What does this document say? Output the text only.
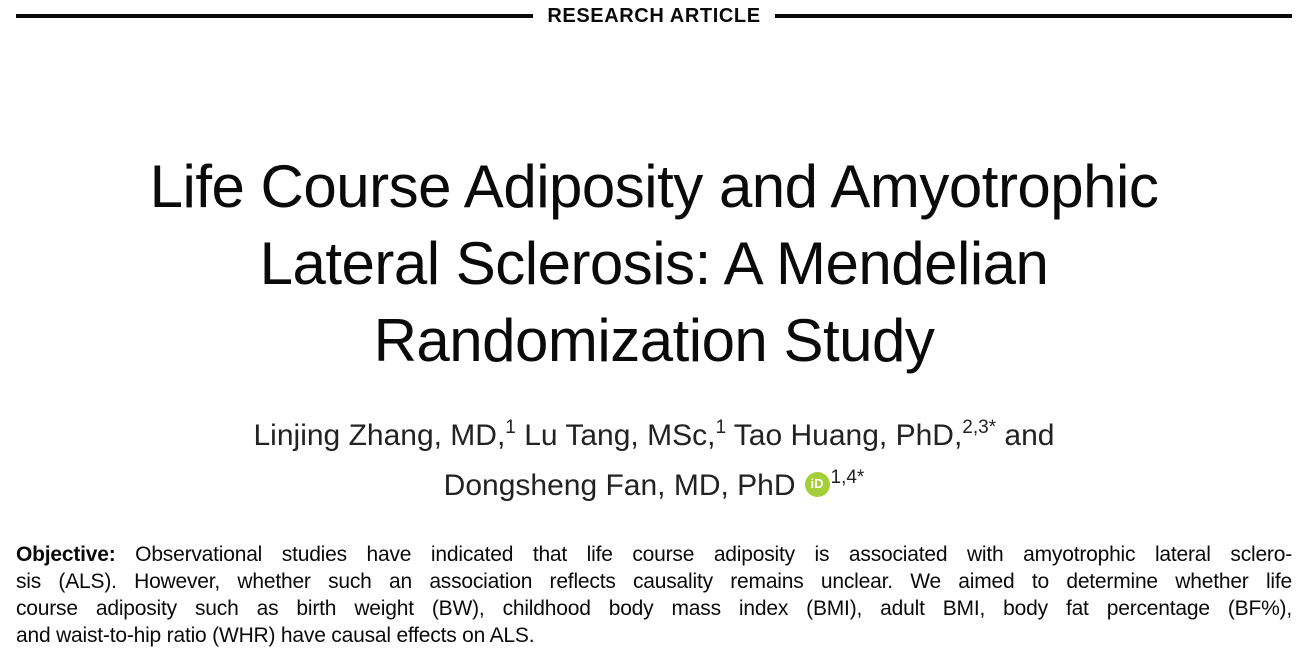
RESEARCH ARTICLE
Life Course Adiposity and Amyotrophic
Lateral Sclerosis: A Mendelian
Randomization Study
Linjing Zhang, MD,$^1$ Lu Tang, MSc,$^1$ Tao Huang, PhD,$^{2,3*}$ and
Dongsheng Fan, MD, PhD iD $^{1,4*}$
Objective: Observational studies have indicated that life course adiposity is associated with amyotrophic lateral sclero-
sis (ALS). However, whether such an association reflects causality remains unclear. We aimed to determine whether life
course adiposity such as birth weight (BW), childhood body mass index (BMI), adult BMI, body fat percentage (BF%),
and waist-to-hip ratio (WHR) have causal effects on ALS.
